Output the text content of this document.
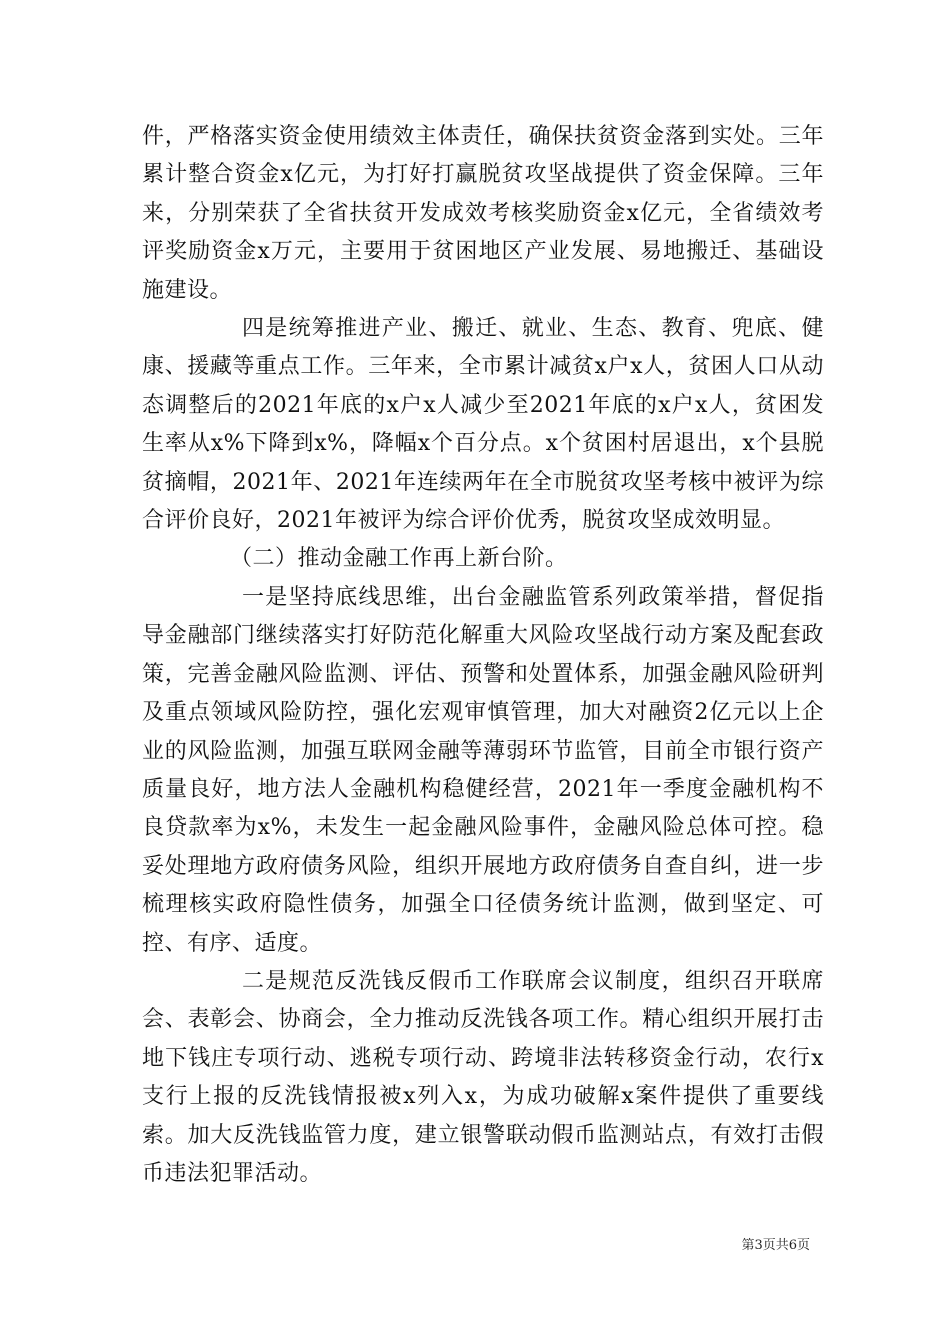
件，严格落实资金使用绩效主体责任，确保扶贫资金落到实处。三年累计整合资金x亿元，为打好打赢脱贫攻坚战提供了资金保障。三年来，分别荣获了全省扶贫开发成效考核奖励资金x亿元，全省绩效考评奖励资金x万元，主要用于贫困地区产业发展、易地搬迁、基础设施建设。

四是统筹推进产业、搬迁、就业、生态、教育、兜底、健康、援藏等重点工作。三年来，全市累计减贫x户x人，贫困人口从动态调整后的2021年底的x户x人减少至2021年底的x户x人，贫困发生率从x%下降到x%，降幅x个百分点。x个贫困村居退出，x个县脱贫摘帽，2021年、2021年连续两年在全市脱贫攻坚考核中被评为综合评价良好，2021年被评为综合评价优秀，脱贫攻坚成效明显。

（二）推动金融工作再上新台阶。

一是坚持底线思维，出台金融监管系列政策举措，督促指导金融部门继续落实打好防范化解重大风险攻坚战行动方案及配套政策，完善金融风险监测、评估、预警和处置体系，加强金融风险研判及重点领域风险防控，强化宏观审慎管理，加大对融资2亿元以上企业的风险监测，加强互联网金融等薄弱环节监管，目前全市银行资产质量良好，地方法人金融机构稳健经营，2021年一季度金融机构不良贷款率为x%，未发生一起金融风险事件，金融风险总体可控。稳妥处理地方政府债务风险，组织开展地方政府债务自查自纠，进一步梳理核实政府隐性债务，加强全口径债务统计监测，做到坚定、可控、有序、适度。

二是规范反洗钱反假币工作联席会议制度，组织召开联席会、表彰会、协商会，全力推动反洗钱各项工作。精心组织开展打击地下钱庄专项行动、逃税专项行动、跨境非法转移资金行动，农行x支行上报的反洗钱情报被x列入x，为成功破解x案件提供了重要线索。加大反洗钱监管力度，建立银警联动假币监测站点，有效打击假币违法犯罪活动。

第3页共6页
